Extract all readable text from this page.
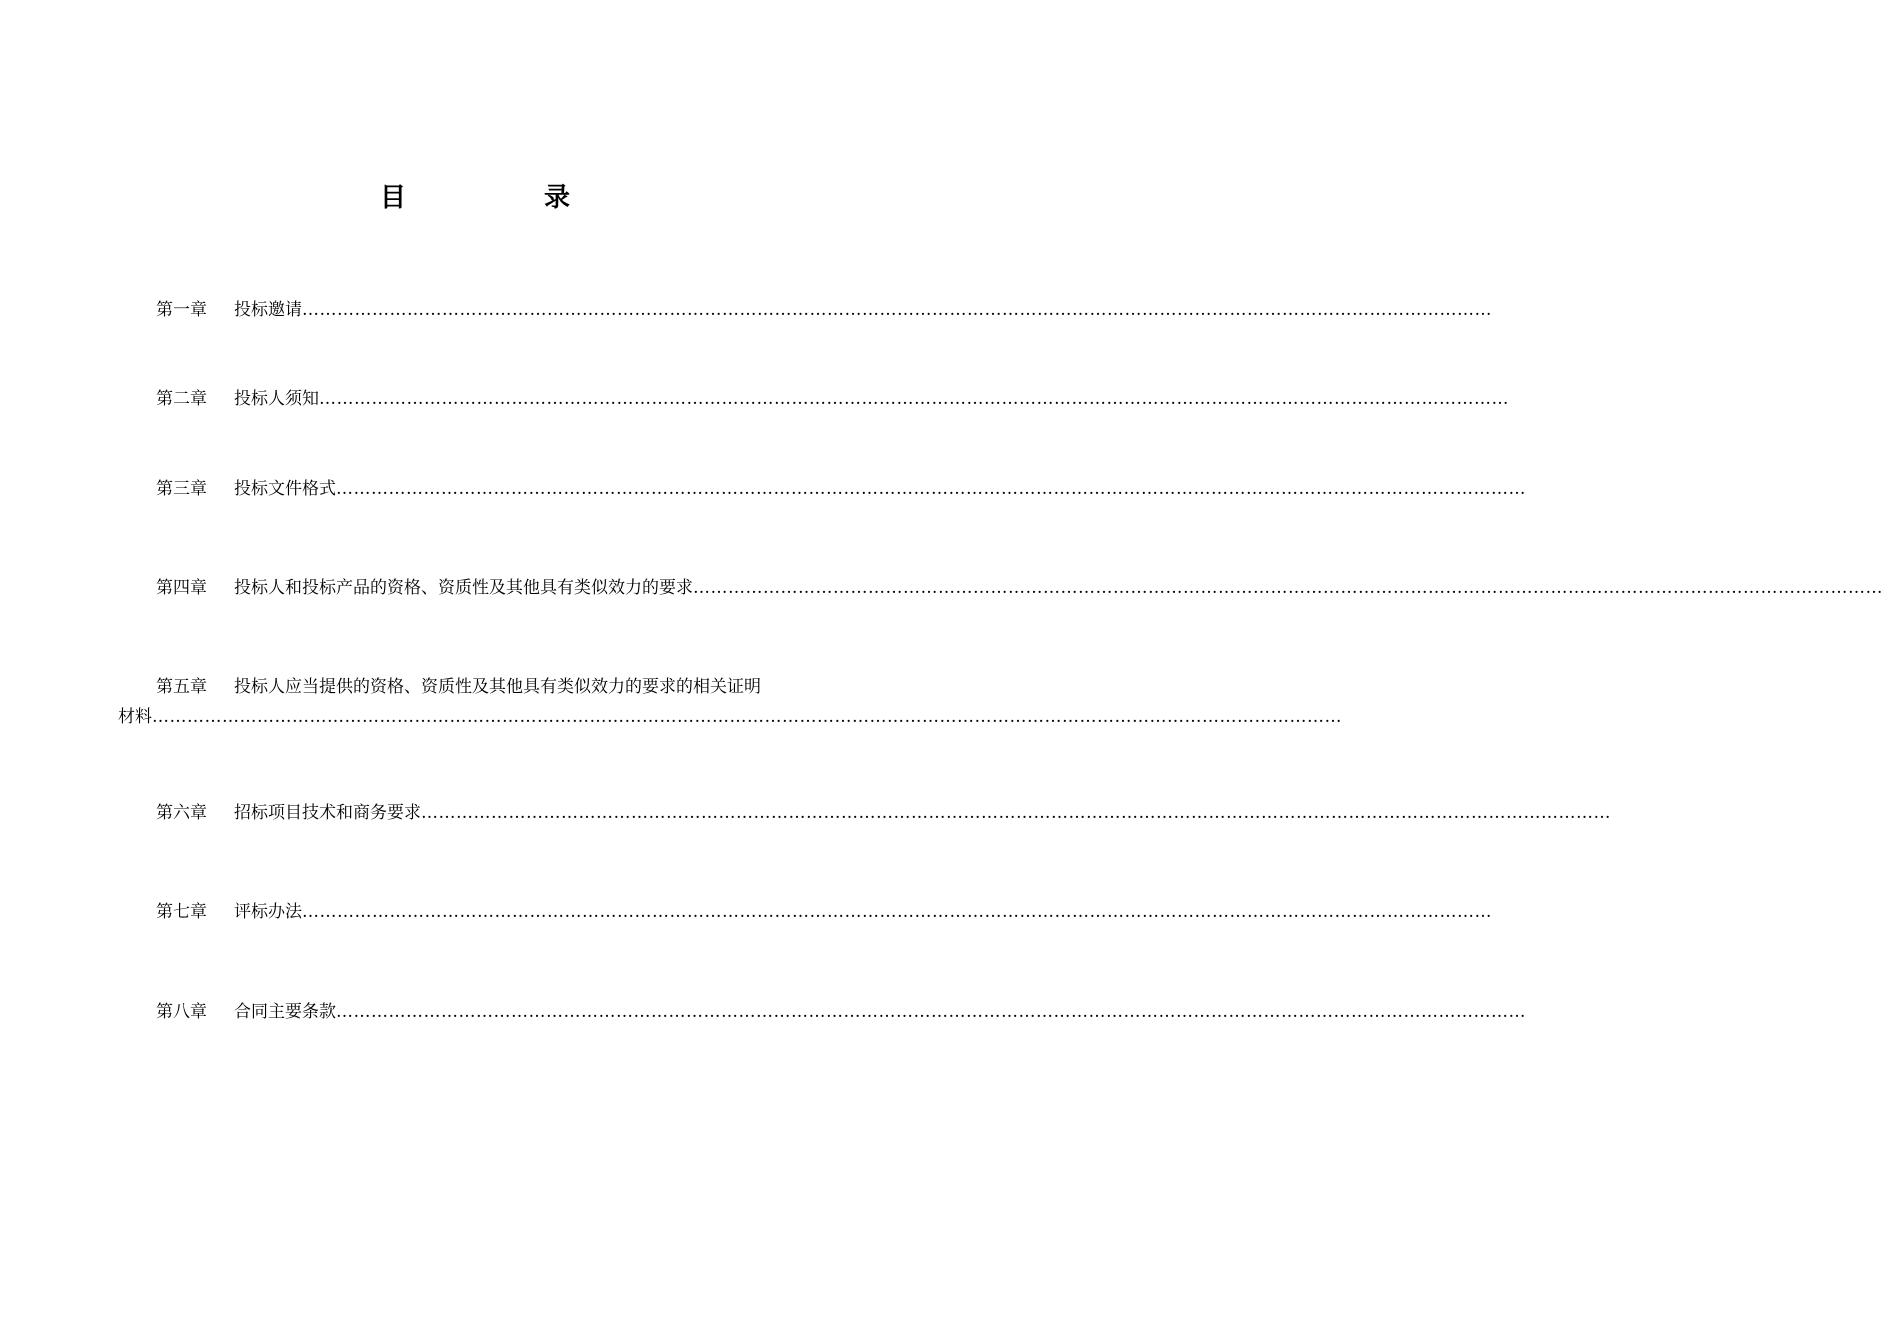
目　录
第一章	投标邀请 ……………………………………………………………………………………………………………………………………………………………………………………
第二章	投标人须知 ……………………………………………………………………………………………………………………………………………………………………………………
第三章	投标文件格式 ……………………………………………………………………………………………………………………………………………………………………………………
第四章	投标人和投标产品的资格、资质性及其他具有类似效力的要求 ……………………………………………………………………………………………………………………………………………………………………………………
第五章	投标人应当提供的资格、资质性及其他具有类似效力的要求的相关证明
材料 ……………………………………………………………………………………………………………………………………………………………………………………
第六章	招标项目技术和商务要求 ……………………………………………………………………………………………………………………………………………………………………………………
第七章	评标办法 ……………………………………………………………………………………………………………………………………………………………………………………
第八章	合同主要条款 ……………………………………………………………………………………………………………………………………………………………………………………
